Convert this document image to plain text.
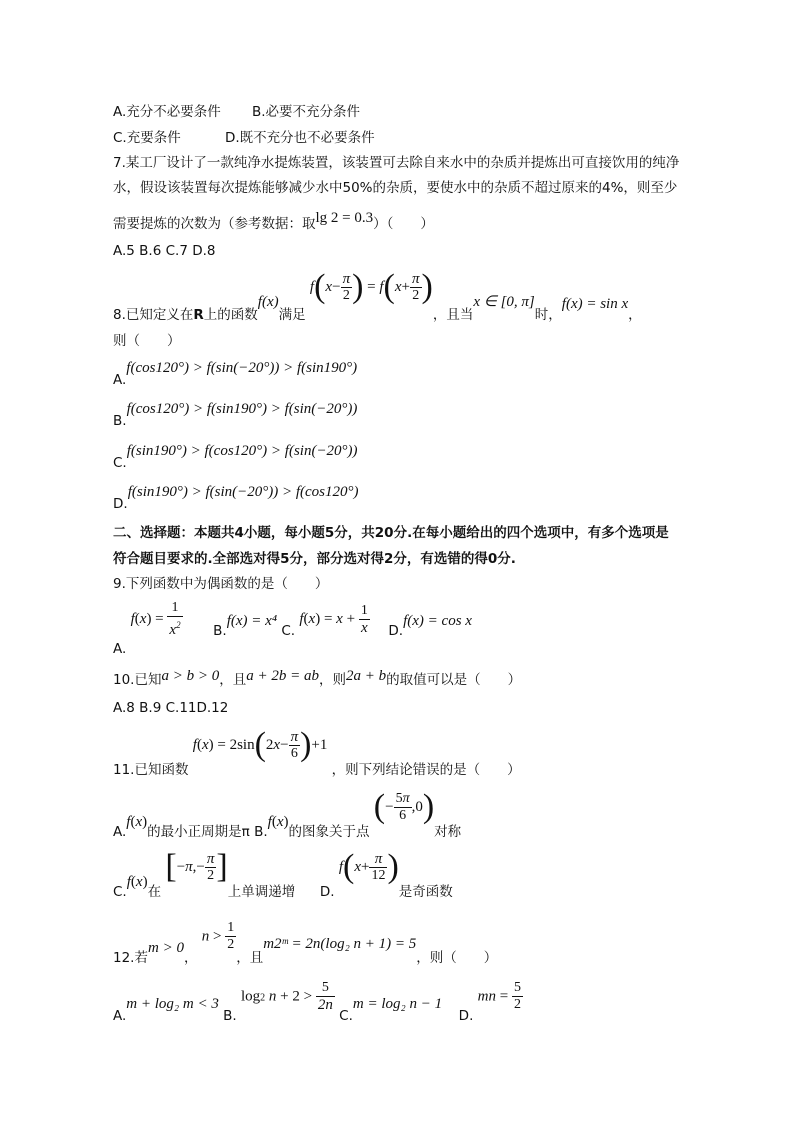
A.充分不必要条件 B.必要不充分条件
C.充要条件	D.既不充分也不必要条件
7.某工厂设计了一款纯净水提炼装置，该装置可去除自来水中的杂质并提炼出可直接饮用的纯净
水，假设该装置每次提炼能够减少水中50%的杂质，要使水中的杂质不超过原来的4%，则至少
需要提炼的次数为（参考数据：取lg 2 = 0.3）（　　）
A.5 B.6 C.7 D.8
8.已知定义在R上的函数f(x)满足 $f(x- \frac{\pi}{2}$ ) = $f(x+ \frac{\pi}{2}$ )，且当x ∈ [0, π]时，f(x) = sin x，
则（　　）
A.f(cos120°) > f(sin(−20°)) > f(sin190°)
B.f(cos120°) > f(sin190°) > f(sin(−20°))
C.f(sin190°) > f(cos120°) > f(sin(−20°))
D.f(sin190°) > f(sin(−20°)) > f(cos120°)
二、选择题：本题共4小题，每小题5分，共20分.在每小题给出的四个选项中，有多个选项是
符合题目要求的.全部选对得5分，部分选对得2分，有选错的得0分.
9.下列函数中为偶函数的是（　　）
A. $f(x) = \frac{1}{x^2} B.f(x) = x^4$ C. $f(x) = x + \frac{1}{x} D.f(x) = \cos x$
10.已知a > b > 0，且a + 2b = ab，则2a + b的取值可以是（　　）
A.8 B.9 C.11D.12
11.已知函数 $f(x) = 2\sin(2x- \frac{\pi}{6} )+1$ ，则下列结论错误的是（　　）
A.f(x)的最小正周期是π B.f(x)的图象关于点 (− $\frac{5\pi}{6} ,0$)对称
C.f(x)在 [$-\pi,- \frac{\pi}{2}$ ]上单调递增 D. $f(x+ \frac{\pi}{12}$ )是奇函数
12.若m > 0， $n > \frac{1}{2}$
，且m2ᵐ = 2n(log₂ n + 1) = 5，则（　　）
A.m + log₂ m < 3 B. log2 $n + 2 > \frac{5}{2n}$
C.m = log₂ n − 1  D. mn = $\frac{5}{2}$
